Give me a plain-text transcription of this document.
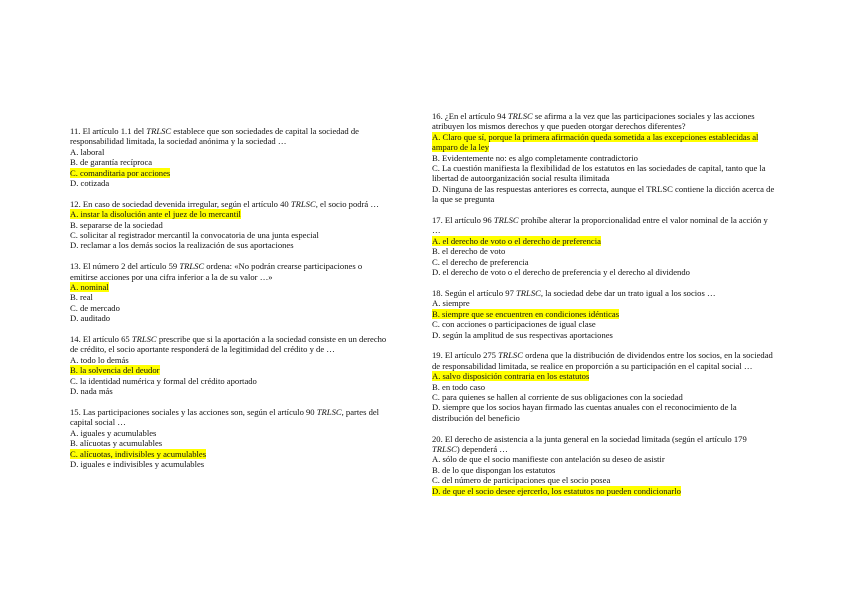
11. El artículo 1.1 del TRLSC establece que son sociedades de capital la sociedad de responsabilidad limitada, la sociedad anónima y la sociedad …
A. laboral
B. de garantía recíproca
C. comanditaria por acciones
D. cotizada
12. En caso de sociedad devenida irregular, según el artículo 40 TRLSC, el socio podrá …
A. instar la disolución ante el juez de lo mercantil
B. separarse de la sociedad
C. solicitar al registrador mercantil la convocatoria de una junta especial
D. reclamar a los demás socios la realización de sus aportaciones
13. El número 2 del artículo 59 TRLSC ordena: «No podrán crearse participaciones o emitirse acciones por una cifra inferior a la de su valor …»
A. nominal
B. real
C. de mercado
D. auditado
14. El artículo 65 TRLSC prescribe que si la aportación a la sociedad consiste en un derecho de crédito, el socio aportante responderá de la legitimidad del crédito y de …
A. todo lo demás
B. la solvencia del deudor
C. la identidad numérica y formal del crédito aportado
D. nada más
15. Las participaciones sociales y las acciones son, según el artículo 90 TRLSC, partes del capital social …
A. iguales y acumulables
B. alícuotas y acumulables
C. alícuotas, indivisibles y acumulables
D. iguales e indivisibles y acumulables
16. ¿En el artículo 94 TRLSC se afirma a la vez que las participaciones sociales y las acciones atribuyen los mismos derechos y que pueden otorgar derechos diferentes?
A. Claro que sí, porque la primera afirmación queda sometida a las excepciones establecidas al amparo de la ley
B. Evidentemente no: es algo completamente contradictorio
C. La cuestión manifiesta la flexibilidad de los estatutos en las sociedades de capital, tanto que la libertad de autoorganización social resulta ilimitada
D. Ninguna de las respuestas anteriores es correcta, aunque el TRLSC contiene la dicción acerca de la que se pregunta
17. El artículo 96 TRLSC prohíbe alterar la proporcionalidad entre el valor nominal de la acción y …
A. el derecho de voto o el derecho de preferencia
B. el derecho de voto
C. el derecho de preferencia
D. el derecho de voto o el derecho de preferencia y el derecho al dividendo
18. Según el artículo 97 TRLSC, la sociedad debe dar un trato igual a los socios …
A. siempre
B. siempre que se encuentren en condiciones idénticas
C. con acciones o participaciones de igual clase
D. según la amplitud de sus respectivas aportaciones
19. El artículo 275 TRLSC ordena que la distribución de dividendos entre los socios, en la sociedad de responsabilidad limitada, se realice en proporción a su participación en el capital social …
A. salvo disposición contraria en los estatutos
B. en todo caso
C. para quienes se hallen al corriente de sus obligaciones con la sociedad
D. siempre que los socios hayan firmado las cuentas anuales con el reconocimiento de la distribución del beneficio
20. El derecho de asistencia a la junta general en la sociedad limitada (según el artículo 179 TRLSC) dependerá …
A. sólo de que el socio manifieste con antelación su deseo de asistir
B. de lo que dispongan los estatutos
C. del número de participaciones que el socio posea
D. de que el socio desee ejercerlo, los estatutos no pueden condicionarlo
